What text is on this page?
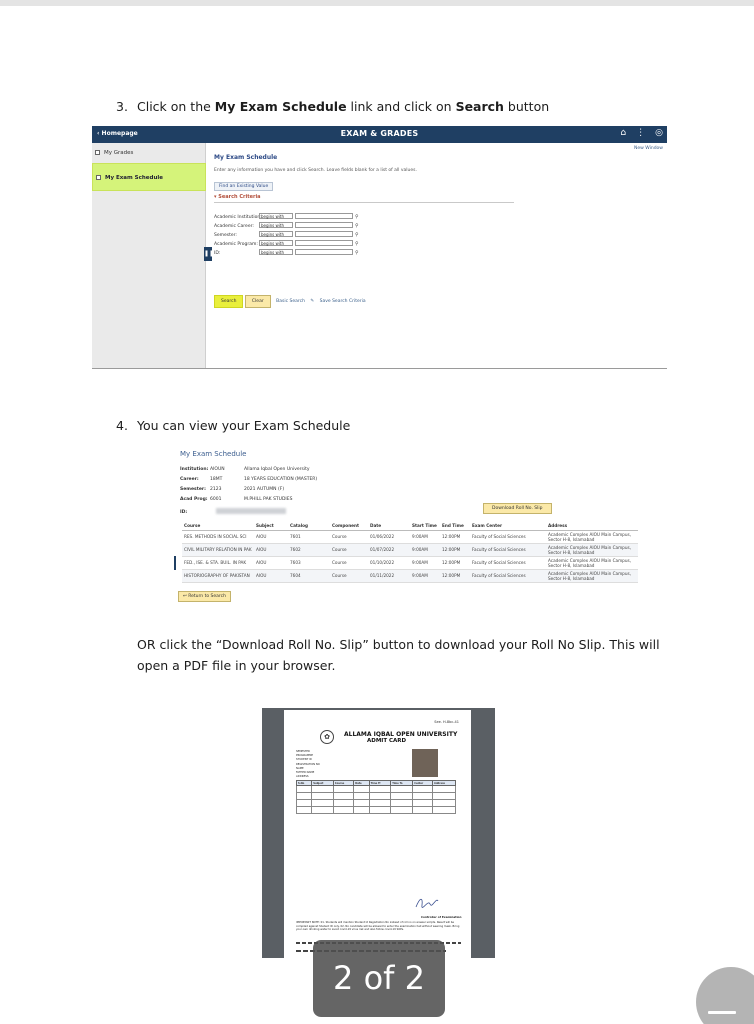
3. Click on the My Exam Schedule link and click on Search button
‹ Homepage	EXAM & GRADES	⌂ ⋮ ◎
New Window
My Grades
My Exam Schedule
❚❚
My Exam Schedule
Enter any information you have and click Search. Leave fields blank for a list of all values.
Find an Existing Value
▾ Search Criteria
Academic Institution:begins with	⚲
Academic Career: begins with	⚲
Semester:	begins with	⚲
Academic Program: begins with	⚲
ID:	begins with	⚲
Search	Clear	Basic Search ✎ Save Search Criteria
4. You can view your Exam Schedule
My Exam Schedule
Institution: AIOUN	Allama Iqbal Open University
Career:	18MT	18 YEARS EDUCATION (MASTER)
Semester: 2123	2021 AUTUMN (F)
Acad Prog: 6001	M.PHILL PAK STUDIES
ID:
Download Roll No. Slip
Course	Subject	Catalog	Component	Date	Start Time	End Time	Exam Center	Address
RES. METHODS IN SOCIAL SCI	AIOU	7601	Course	01/06/2022	9:00AM	12:00PM	Faculty of Social Sciences	Academic Complex AIOU Main Campus, Sector H-8, Islamabad
CIVIL MILITARY RELATION IN PAK	AIOU	7602	Course	01/07/2022	9:00AM	12:00PM	Faculty of Social Sciences	Academic Complex AIOU Main Campus, Sector H-8, Islamabad
FED., ISE. & STA. BUIL. IN PAK	AIOU	7603	Course	01/10/2022	9:00AM	12:00PM	Faculty of Social Sciences	Academic Complex AIOU Main Campus, Sector H-8, Islamabad
HISTORIOGRAPHY OF PAKISTAN	AIOU	7604	Course	01/11/2022	9:00AM	12:00PM	Faculty of Social Sciences	Academic Complex AIOU Main Campus, Sector H-8, Islamabad
↩ Return to Search
OR click the “Download Roll No. Slip” button to download your Roll No Slip. This will open a PDF file in your browser.
See. H-8bc-41
✿	ALLAMA IQBAL OPEN UNIVERSITY
ADMIT CARD
SEMESTER
PROGRAMME
STUDENT ID
REGISTRATION NO
NAME
FATHER NAME
ADDRESS
S.No	Subject	Course	Date	Time Fr	Time To	Center	Address

Controller of Examination
IMPORTANT NOTE: 01. Students will mention Student Id Registration No instead of roll no on answer scripts. Result will be compiled against Student ID only. 02. No candidate will be allowed to enter the examination hall without wearing mask. Bring your own drinking water to avoid covid-19 virus risk and also follow covid-19 SOPs.
2 of 2
